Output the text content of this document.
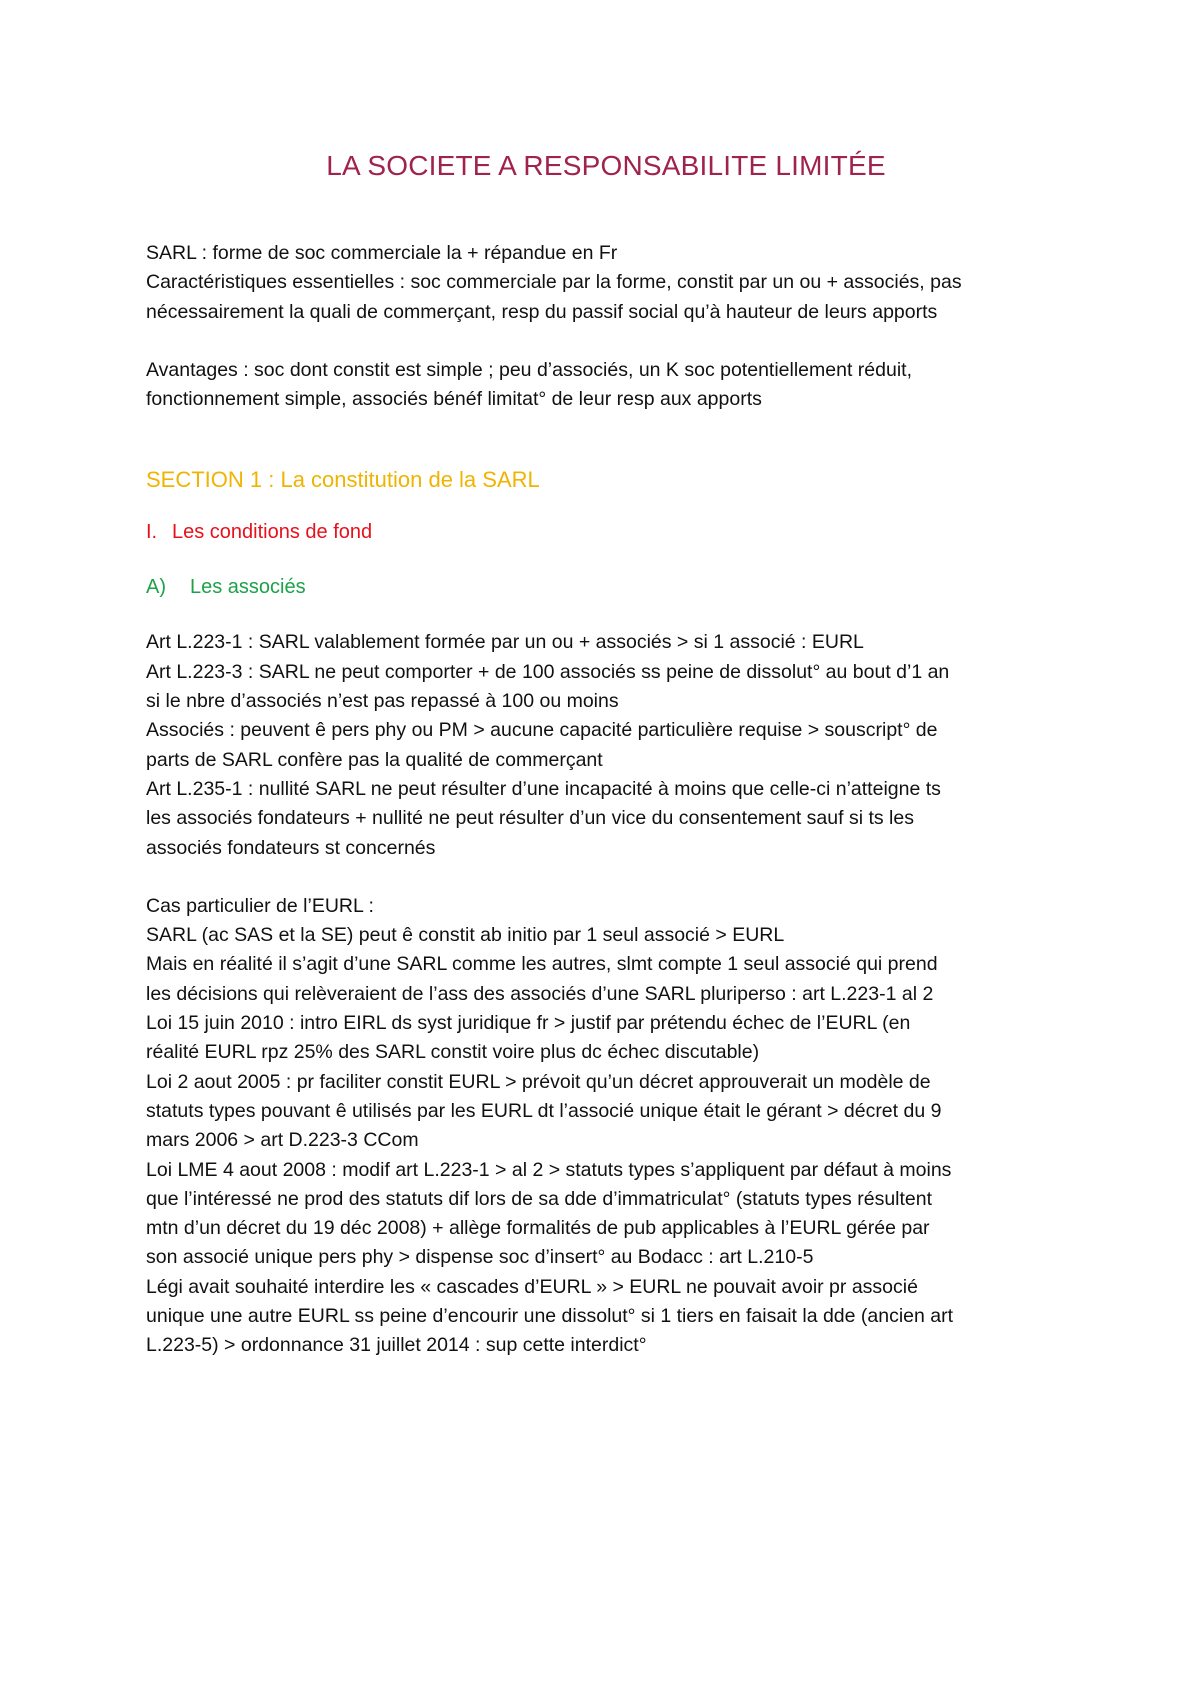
LA SOCIETE A RESPONSABILITE LIMITÉE

SARL : forme de soc commerciale la + répandue en Fr
Caractéristiques essentielles : soc commerciale par la forme, constit par un ou + associés, pas
nécessairement la quali de commerçant, resp du passif social qu’à hauteur de leurs apports

Avantages : soc dont constit est simple ; peu d’associés, un K soc potentiellement réduit,
fonctionnement simple, associés bénéf limitat° de leur resp aux apports

SECTION 1 : La constitution de la SARL
I. Les conditions de fond
A) Les associés

Art L.223-1 : SARL valablement formée par un ou + associés > si 1 associé : EURL
Art L.223-3 : SARL ne peut comporter + de 100 associés ss peine de dissolut° au bout d’1 an
si le nbre d’associés n’est pas repassé à 100 ou moins
Associés : peuvent ê pers phy ou PM > aucune capacité particulière requise > souscript° de
parts de SARL confère pas la qualité de commerçant
Art L.235-1 : nullité SARL ne peut résulter d’une incapacité à moins que celle-ci n’atteigne ts
les associés fondateurs + nullité ne peut résulter d’un vice du consentement sauf si ts les
associés fondateurs st concernés

Cas particulier de l’EURL :
SARL (ac SAS et la SE) peut ê constit ab initio par 1 seul associé > EURL
Mais en réalité il s’agit d’une SARL comme les autres, slmt compte 1 seul associé qui prend
les décisions qui relèveraient de l’ass des associés d’une SARL pluriperso : art L.223-1 al 2
Loi 15 juin 2010 : intro EIRL ds syst juridique fr > justif par prétendu échec de l’EURL (en
réalité EURL rpz 25% des SARL constit voire plus dc échec discutable)
Loi 2 aout 2005 : pr faciliter constit EURL > prévoit qu’un décret approuverait un modèle de
statuts types pouvant ê utilisés par les EURL dt l’associé unique était le gérant > décret du 9
mars 2006 > art D.223-3 CCom
Loi LME 4 aout 2008 : modif art L.223-1 > al 2 > statuts types s’appliquent par défaut à moins
que l’intéressé ne prod des statuts dif lors de sa dde d’immatriculat° (statuts types résultent
mtn d’un décret du 19 déc 2008) + allège formalités de pub applicables à l’EURL gérée par
son associé unique pers phy > dispense soc d’insert° au Bodacc : art L.210-5
Légi avait souhaité interdire les « cascades d’EURL » > EURL ne pouvait avoir pr associé
unique une autre EURL ss peine d’encourir une dissolut° si 1 tiers en faisait la dde (ancien art
L.223-5) > ordonnance 31 juillet 2014 : sup cette interdict°
